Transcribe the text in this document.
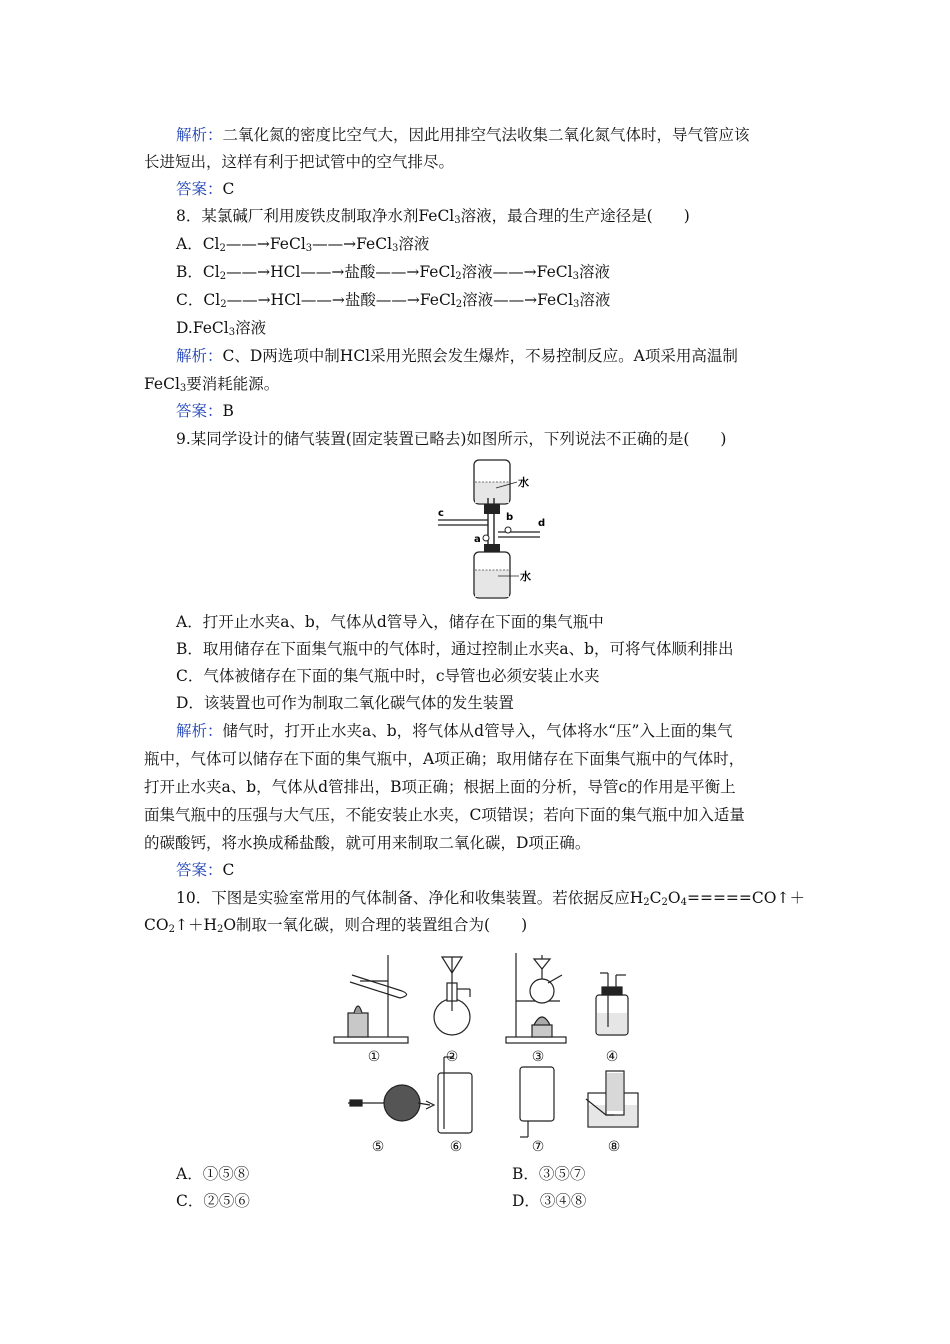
解析：二氧化氮的密度比空气大，因此用排空气法收集二氧化氮气体时，导气管应该
长进短出，这样有利于把试管中的空气排尽。
答案：C
8．某氯碱厂利用废铁皮制取净水剂FeCl$_3$溶液，最合理的生产途径是(　　)
A．$Cl_2——\to FeCl_3——\to FeCl_3$溶液
B．$Cl_2——\to HCl——\to$盐酸——→FeCl$_2$溶液——→FeCl$_3$溶液
C．$Cl_2——\to HCl——\to$盐酸——→FeCl$_2$溶液——→FeCl$_3$溶液
D.FeCl$_3$溶液
解析：C、D两选项中制HCl采用光照会发生爆炸，不易控制反应。A项采用高温制
FeCl$_3$要消耗能源。
答案：B
9.某同学设计的储气装置(固定装置已略去)如图所示，下列说法不正确的是(　　)
水
c
d
b
a
水
A．打开止水夹a、b，气体从d管导入，储存在下面的集气瓶中
B．取用储存在下面集气瓶中的气体时，通过控制止水夹a、b，可将气体顺利排出
C．气体被储存在下面的集气瓶中时，c导管也必须安装止水夹
D．该装置也可作为制取二氧化碳气体的发生装置
解析：储气时，打开止水夹a、b，将气体从d管导入，气体将水“压”入上面的集气
瓶中，气体可以储存在下面的集气瓶中，A项正确；取用储存在下面集气瓶中的气体时，
打开止水夹a、b，气体从d管排出，B项正确；根据上面的分析，导管c的作用是平衡上
面集气瓶中的压强与大气压，不能安装止水夹，C项错误；若向下面的集气瓶中加入适量
的碳酸钙，将水换成稀盐酸，就可用来制取二氧化碳，D项正确。
答案：C
10．下图是实验室常用的气体制备、净化和收集装置。若依据反应$H_2C_2O_4=====CO↑+$
$CO_2↑+H_2O$制取一氧化碳，则合理的装置组合为(　　)
①	②	③	④
⑤	⑥	⑦	⑧
A．①⑤⑧	B．③⑤⑦
C．②⑤⑥	D．③④⑧
